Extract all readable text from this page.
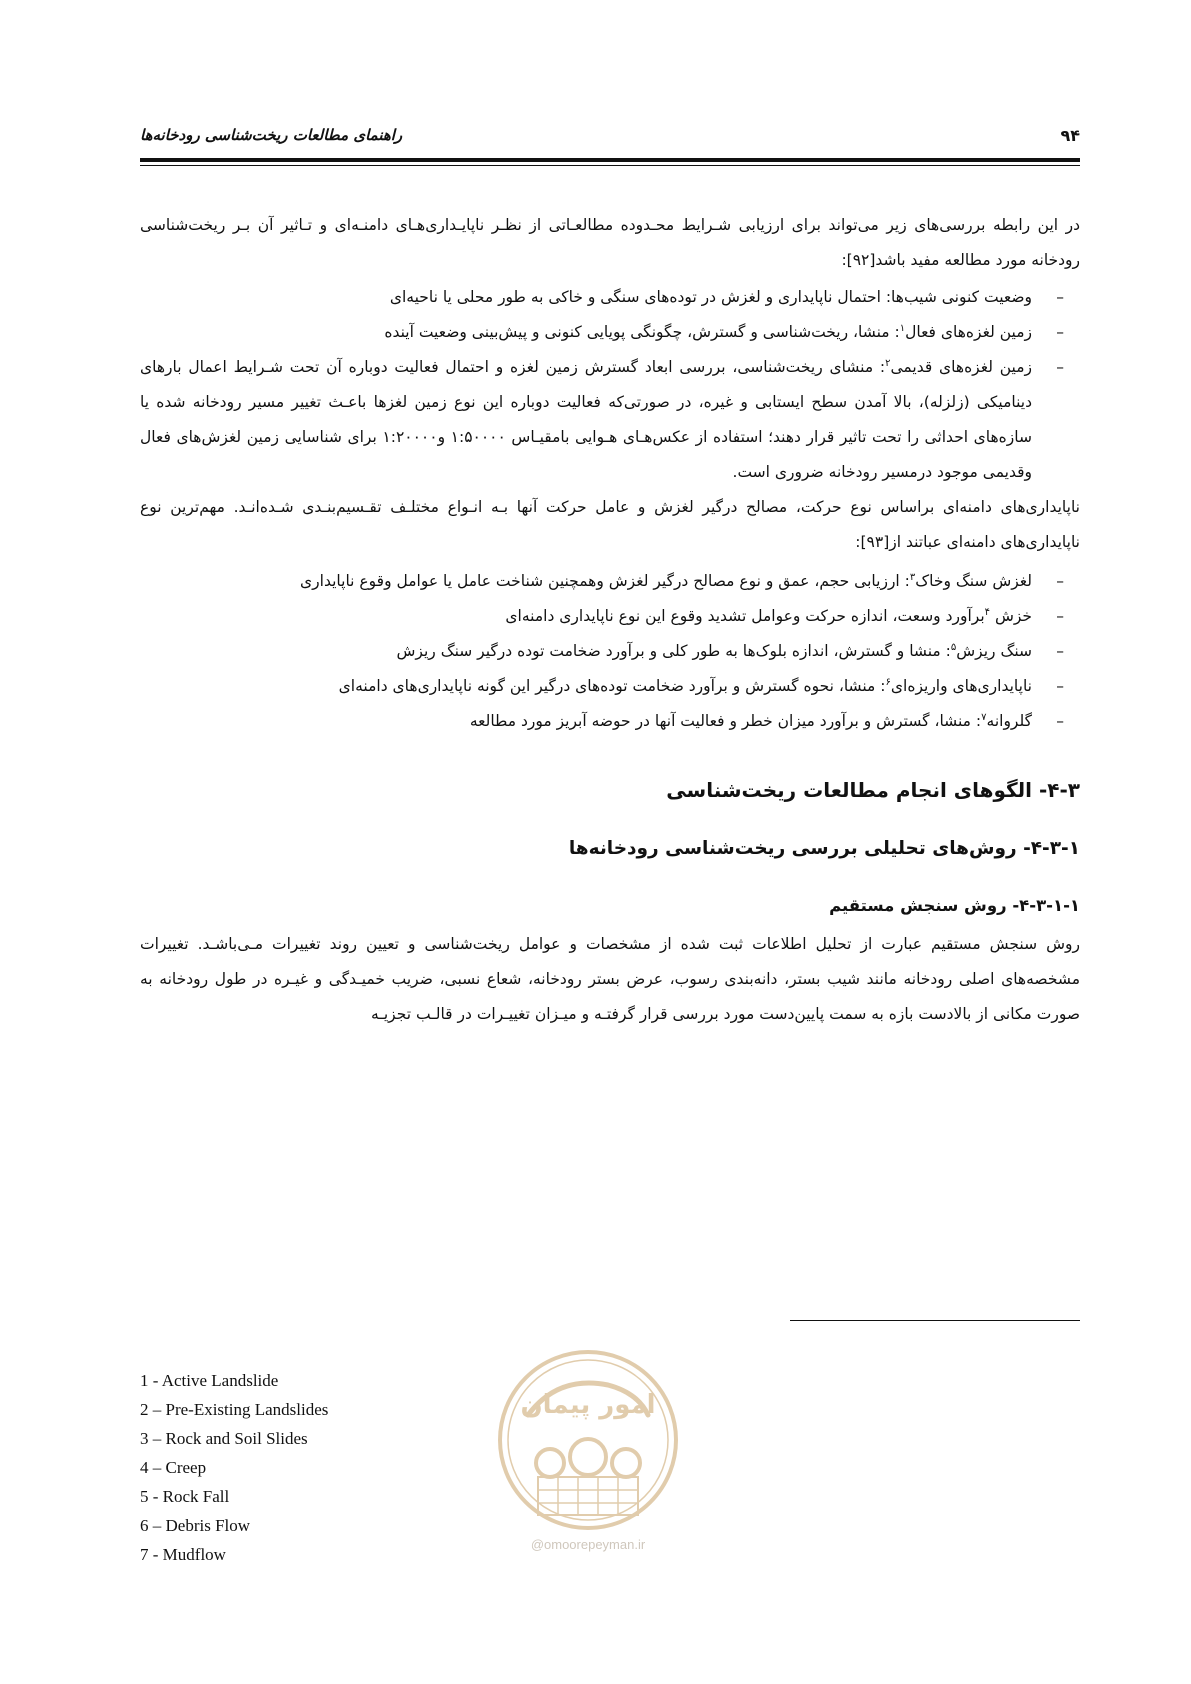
۹۴
راهنمای مطالعات ریخت‌شناسی رودخانه‌ها

در این رابطه بررسی‌های زیر می‌تواند برای ارزیابی شـرایط محـدوده مطالعـاتی از نظـر ناپایـداری‌هـای دامنـه‌ای و تـاثیر آن بـر ریخت‌شناسی رودخانه مورد مطالعه مفید باشد[۹۲]:

–
وضعیت کنونی شیب‌ها: احتمال ناپایداری و لغزش در توده‌های سنگی و خاکی به طور محلی یا ناحیه‌ای
–
زمین لغزه‌های فعال$^۱$: منشا، ریخت‌شناسی و گسترش، چگونگی پویایی کنونی و پیش‌بینی وضعیت آینده
–
زمین لغزه‌های قدیمی$^۲$: منشای ریخت‌شناسی، بررسی ابعاد گسترش زمین لغزه و احتمال فعالیت دوباره آن تحت شـرایط اعمال بارهای دینامیکی (زلزله)، بالا آمدن سطح ایستابی و غیره، در صورتی‌که فعالیت دوباره این نوع زمین لغزها باعـث تغییر مسیر رودخانه شده یا سازه‌های احداثی را تحت تاثیر قرار دهند؛ استفاده از عکس‌هـای هـوایی بامقیـاس ۱:۵۰۰۰۰ و۱:۲۰۰۰۰ برای شناسایی زمین لغزش‌های فعال وقدیمی موجود درمسیر رودخانه ضروری است.

ناپایداری‌های دامنه‌ای براساس نوع حرکت، مصالح درگیر لغزش و عامل حرکت آنها بـه انـواع مختلـف تقـسیم‌بنـدی شـده‌انـد. مهم‌ترین نوع ناپایداری‌های دامنه‌ای عباتند از[۹۳]:

–
لغزش سنگ وخاک$^۳$: ارزیابی حجم، عمق و نوع مصالح درگیر لغزش وهمچنین شناخت عامل یا عوامل وقوع ناپایداری
–
خزش $^۴$برآورد وسعت، اندازه حرکت وعوامل تشدید وقوع این نوع ناپایداری دامنه‌ای
–
سنگ ریزش$^۵$: منشا و گسترش، اندازه بلوک‌ها به طور کلی و برآورد ضخامت توده درگیر سنگ ریزش
–
ناپایداری‌های واریزه‌ای$^۶$: منشا، نحوه گسترش و برآورد ضخامت توده‌های درگیر این گونه ناپایداری‌های دامنه‌ای
–
گلروانه$^۷$: منشا، گسترش و برآورد میزان خطر و فعالیت آنها در حوضه آبریز مورد مطالعه
۴-۳- الگوهای انجام مطالعات ریخت‌شناسی
۴-۳-۱- روش‌های تحلیلی بررسی ریخت‌شناسی رودخانه‌ها
۴-۳-۱-۱- روش سنجش مستقیم

روش سنجش مستقیم عبارت از تحلیل اطلاعات ثبت شده از مشخصات و عوامل ریخت‌شناسی و تعیین روند تغییرات مـی‌باشـد. تغییرات مشخصه‌های اصلی رودخانه مانند شیب بستر، دانه‌بندی رسوب، عرض بستر رودخانه، شعاع نسبی، ضریب خمیـدگی و غیـره در طول رودخانه به صورت مکانی از بالادست بازه به سمت پایین‌دست مورد بررسی قرار گرفتـه و میـزان تغییـرات در قالـب تجزیـه

1 - Active Landslide
2 – Pre-Existing Landslides
3 – Rock and Soil Slides
4 – Creep
5 - Rock Fall
6 – Debris Flow
7 - Mudflow
امور پیمان
@omoorepeyman.ir
